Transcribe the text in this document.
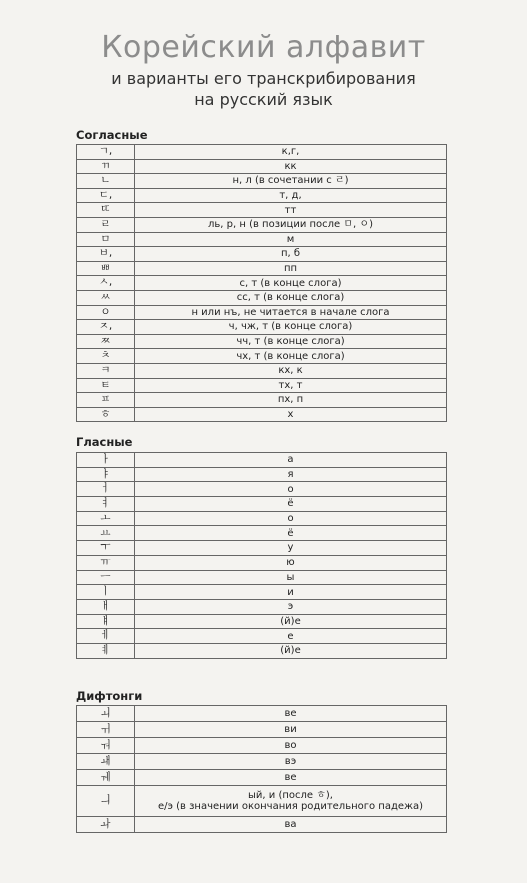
Корейский алфавит
и варианты его транскрибирования
на русский язык
Согласные
ㄱ,	к,г,

ㄲ	кк

ㄴ	н, л (в сочетании с ㄹ)

ㄷ,	т, д,

ㄸ	тт

ㄹ	ль, р, н (в позиции после ㅁ, ㅇ)

ㅁ	м

ㅂ,	п, б

ㅃ	пп

ㅅ,	с, т (в конце слога)

ㅆ	сс, т (в конце слога)

ㅇ	н или нъ, не читается в начале слога

ㅈ,	ч, чж, т (в конце слога)

ㅉ	чч, т (в конце слога)

ㅊ	чх, т (в конце слога)

ㅋ	кх, к

ㅌ	тх, т

ㅍ	пх, п

ㅎ	х
Гласные
ㅏ	а

ㅑ	я

ㅓ	о

ㅕ	ё

ㅗ	о

ㅛ	ё

ㅜ	у

ㅠ	ю

ㅡ	ы

ㅣ	и

ㅐ	э

ㅒ	(й)е

ㅔ	е

ㅖ	(й)е
Дифтонги
ㅚ	ве

ㅟ	ви

ㅝ	во

ㅙ	вэ

ㅞ	ве

ㅢ	ый, и (после ㅎ),
е/э (в значении окончания родительного падежа)

ㅘ	ва
